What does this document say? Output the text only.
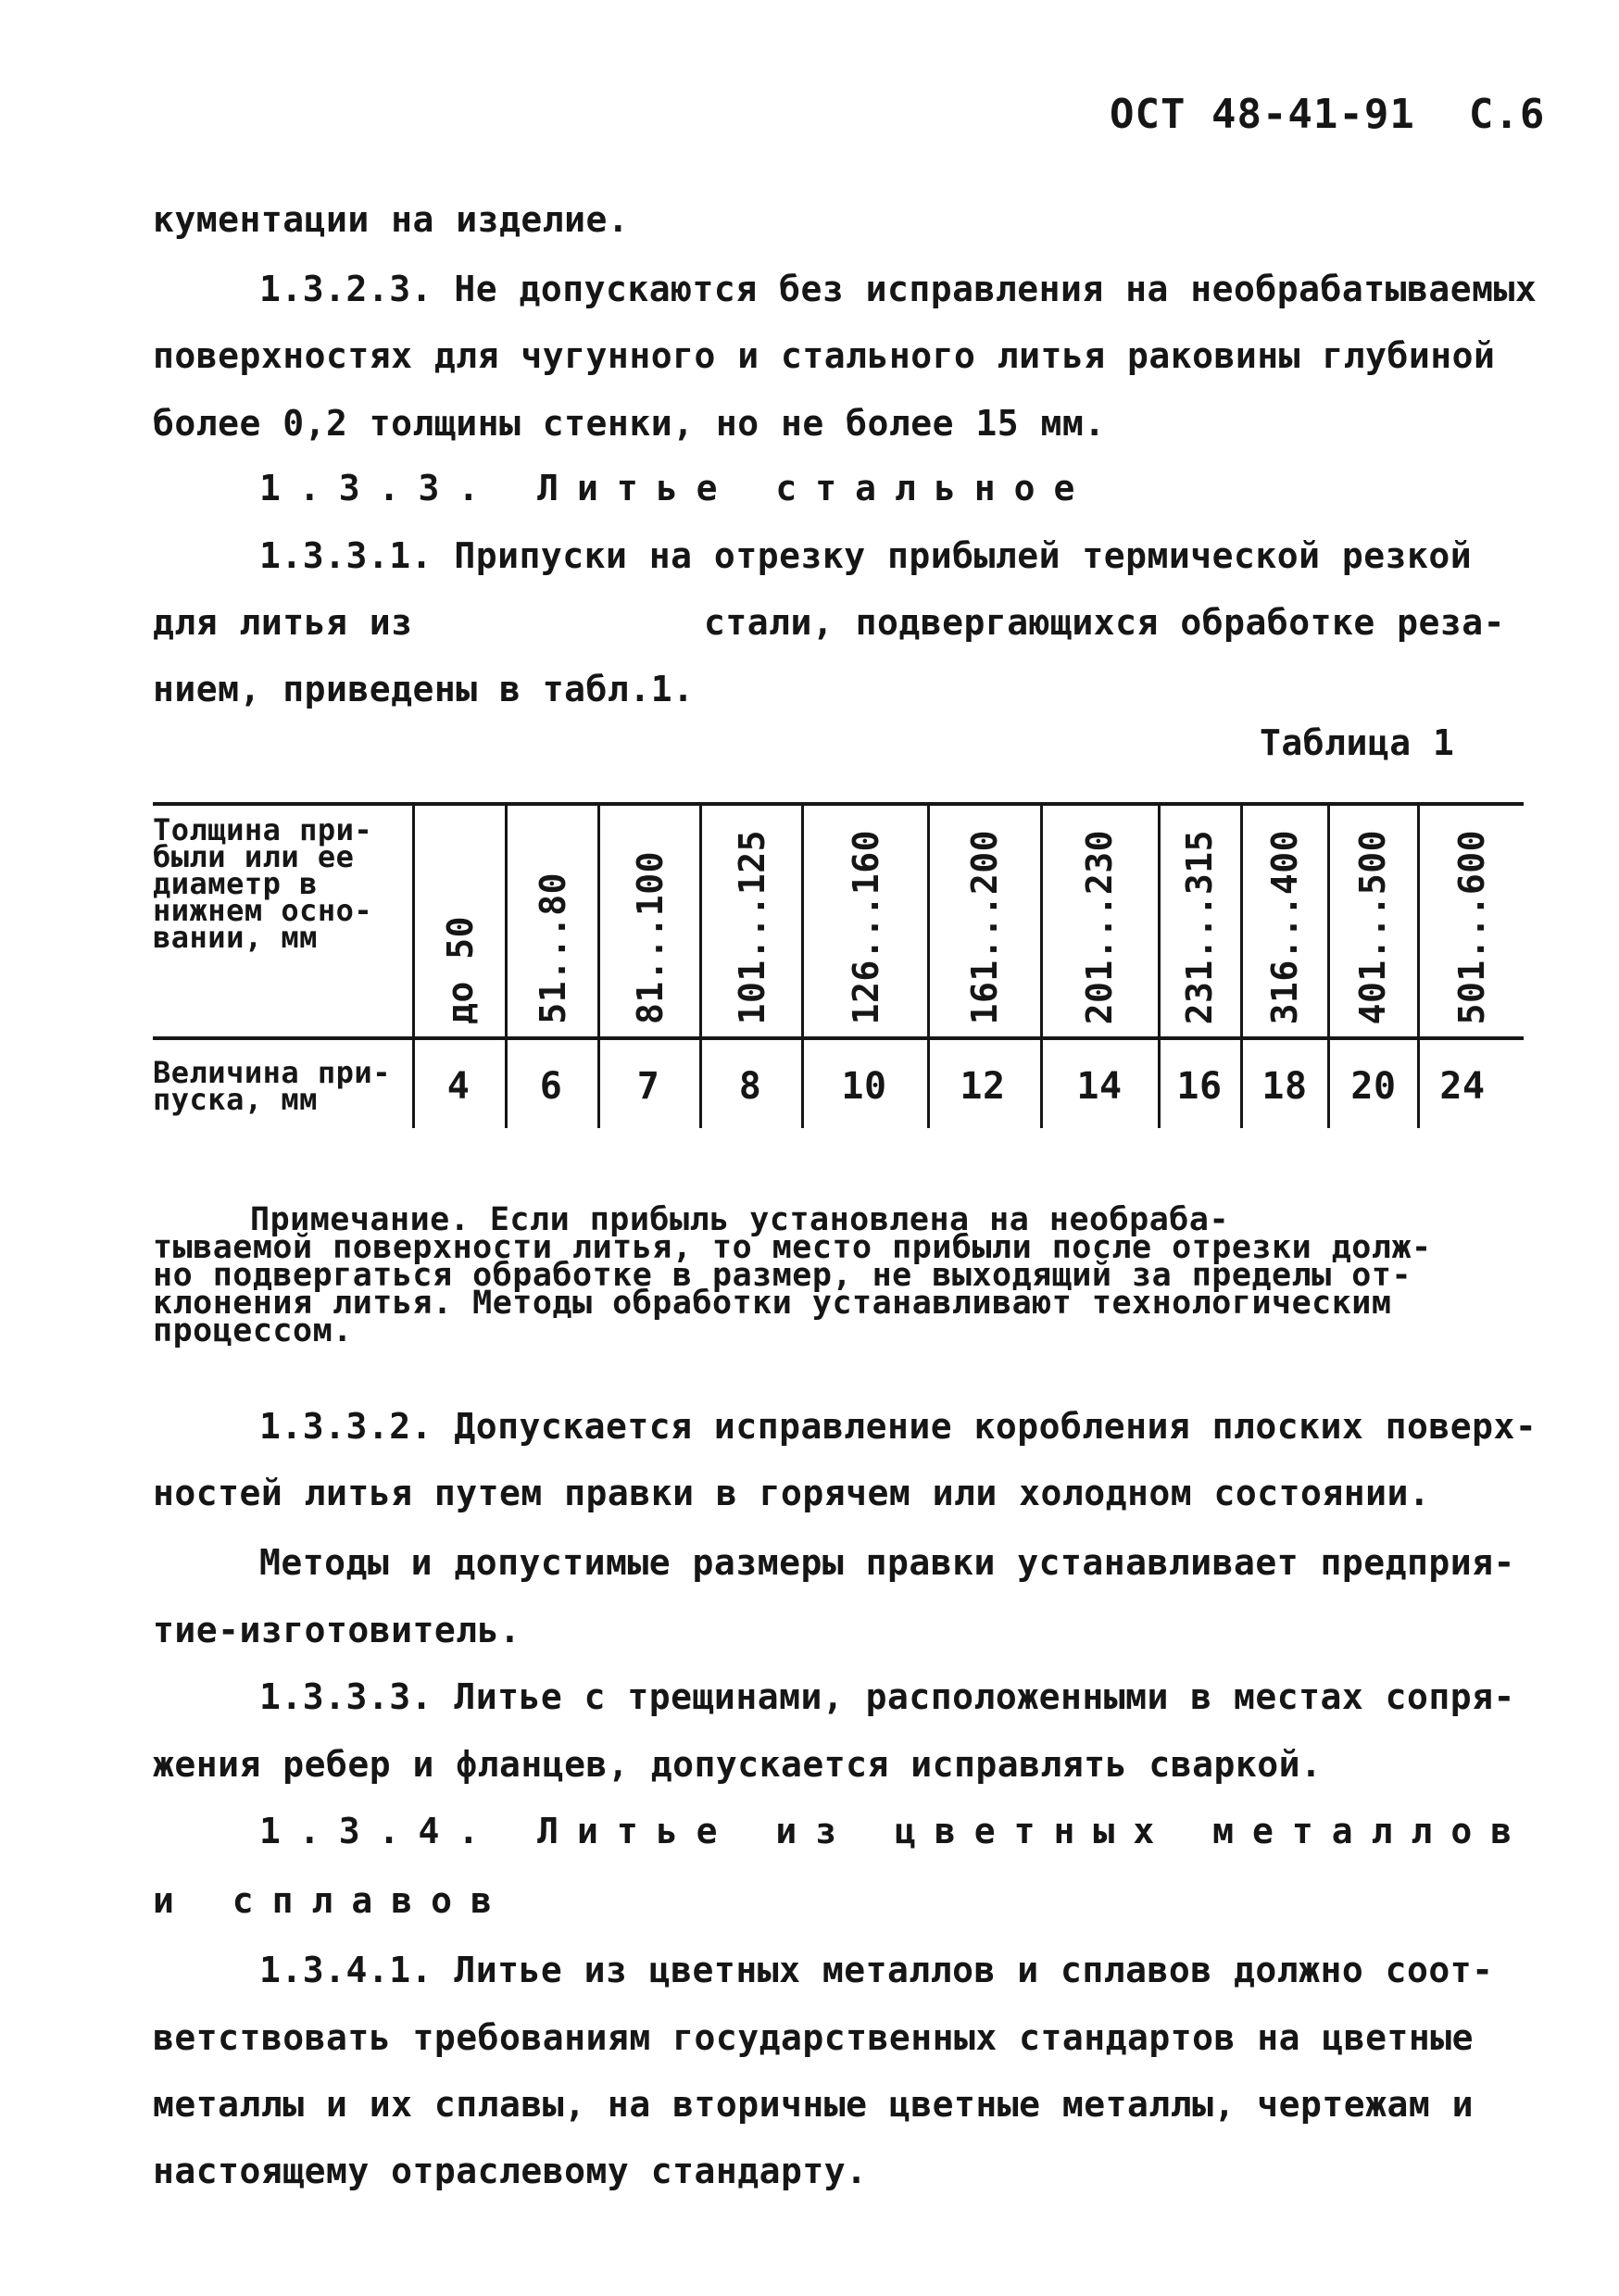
ОСТ 48-41-91 С.6
кументации на изделие.
1.3.2.3. Не допускаются без исправления на необрабатываемых
поверхностях для чугунного и стального литья раковины глубиной
более 0,2 толщины стенки, но не более 15 мм.
1.3.3. Литье стальное
1.3.3.1. Припуски на отрезку прибылей термической резкой
для литья из	стали, подвергающихся обработке реза-
нием, приведены в табл.1.
Таблица 1
Толщина при-
были или ее
диаметр в
нижнем осно-
вании, мм	до 50 51...80 81...100 101...125 126...160 161...200 201...230 231...315 316...400 401...500 501...600
Величина при-
пуска, мм	4	6	7	8	10	12	14	16	18	20	24
Примечание. Если прибыль установлена на необраба-
тываемой поверхности литья, то место прибыли после отрезки долж-
но подвергаться обработке в размер, не выходящий за пределы от-
клонения литья. Методы обработки устанавливают технологическим
процессом.
1.3.3.2. Допускается исправление коробления плоских поверх-
ностей литья путем правки в горячем или холодном состоянии.
Методы и допустимые размеры правки устанавливает предприя-
тие-изготовитель.
1.3.3.3. Литье с трещинами, расположенными в местах сопря-
жения ребер и фланцев, допускается исправлять сваркой.
1.3.4. Литье из цветных металлов
и сплавов
1.3.4.1. Литье из цветных металлов и сплавов должно соот-
ветствовать требованиям государственных стандартов на цветные
металлы и их сплавы, на вторичные цветные металлы, чертежам и
настоящему отраслевому стандарту.
